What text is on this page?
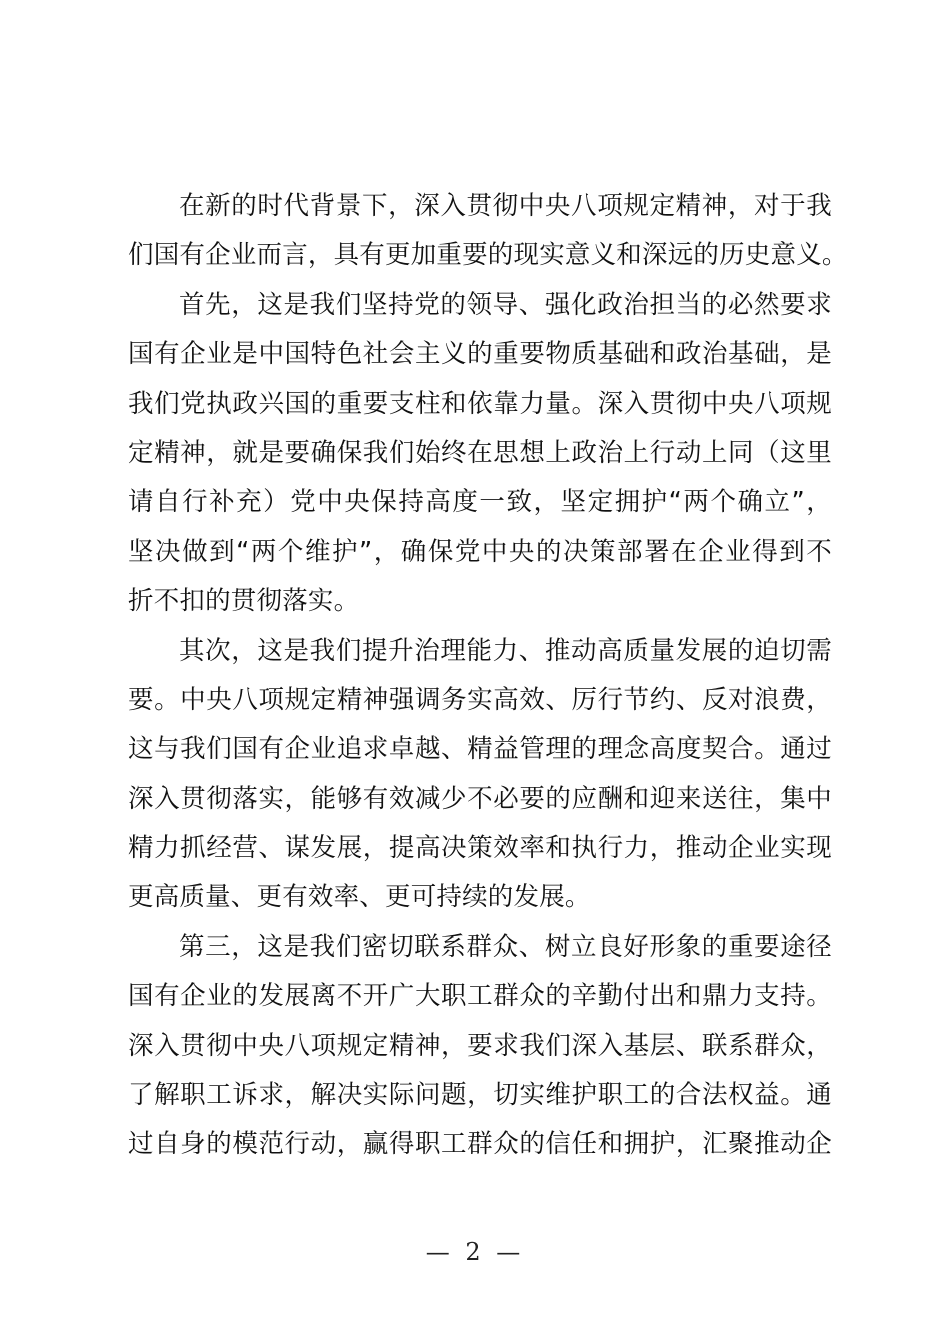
在新的时代背景下，深入贯彻中央八项规定精神，对于我
们国有企业而言，具有更加重要的现实意义和深远的历史意义。
首先，这是我们坚持党的领导、强化政治担当的必然要求
国有企业是中国特色社会主义的重要物质基础和政治基础，是
我们党执政兴国的重要支柱和依靠力量。深入贯彻中央八项规
定精神，就是要确保我们始终在思想上政治上行动上同（这里
请自行补充）党中央保持高度一致，坚定拥护“两个确立”，
坚决做到“两个维护”，确保党中央的决策部署在企业得到不
折不扣的贯彻落实。
其次，这是我们提升治理能力、推动高质量发展的迫切需
要。中央八项规定精神强调务实高效、厉行节约、反对浪费，
这与我们国有企业追求卓越、精益管理的理念高度契合。通过
深入贯彻落实，能够有效减少不必要的应酬和迎来送往，集中
精力抓经营、谋发展，提高决策效率和执行力，推动企业实现
更高质量、更有效率、更可持续的发展。
第三，这是我们密切联系群众、树立良好形象的重要途径
国有企业的发展离不开广大职工群众的辛勤付出和鼎力支持。
深入贯彻中央八项规定精神，要求我们深入基层、联系群众，
了解职工诉求，解决实际问题，切实维护职工的合法权益。通
过自身的模范行动，赢得职工群众的信任和拥护，汇聚推动企
— 2 —
